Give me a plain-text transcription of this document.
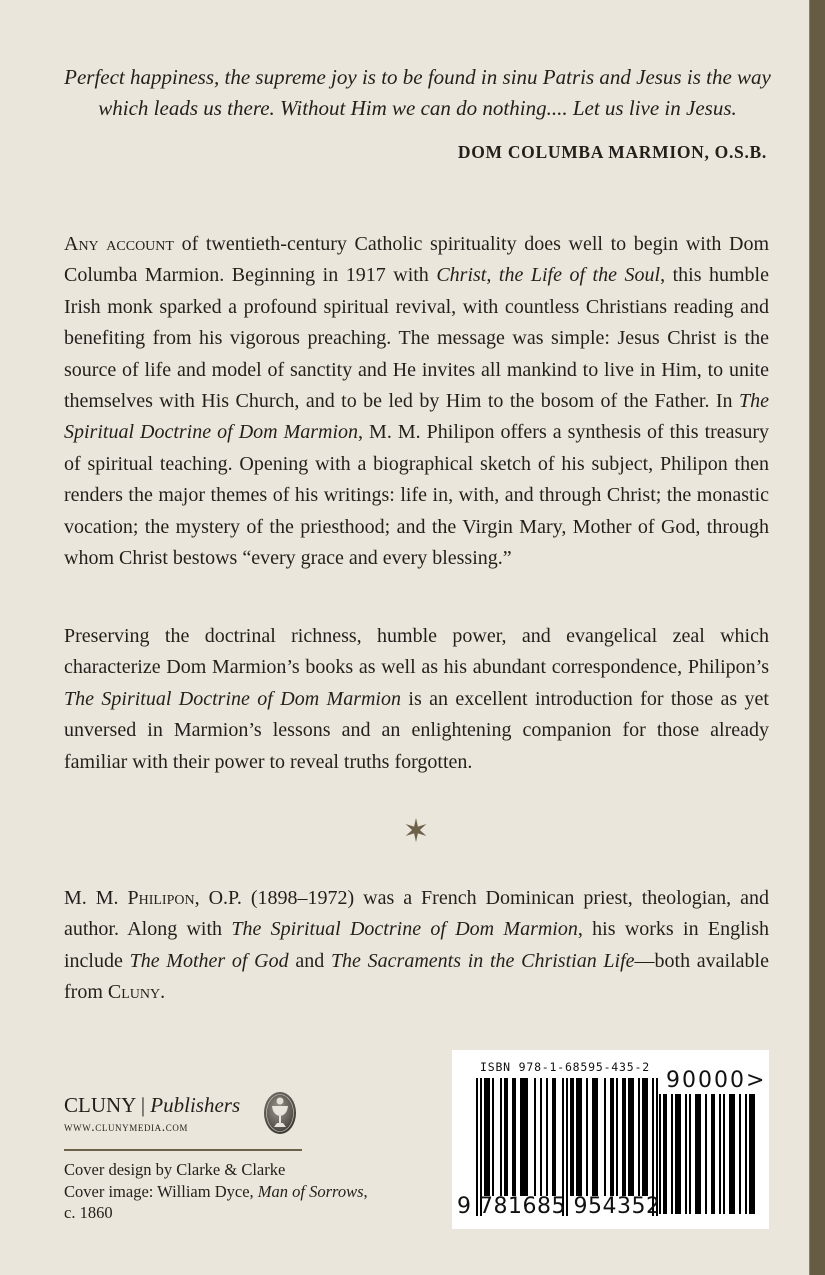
Perfect happiness, the supreme joy is to be found in sinu Patris and Jesus is the way
which leads us there. Without Him we can do nothing.... Let us live in Jesus.
DOM COLUMBA MARMION, O.S.B.
Any account of twentieth-century Catholic spirituality does well to begin with Dom Columba Marmion. Beginning in 1917 with Christ, the Life of the Soul, this humble Irish monk sparked a profound spiritual revival, with countless Christians reading and benefiting from his vigorous preaching. The message was simple: Jesus Christ is the source of life and model of sanctity and He invites all mankind to live in Him, to unite themselves with His Church, and to be led by Him to the bosom of the Father. In The Spiritual Doctrine of Dom Marmion, M. M. Philipon offers a synthesis of this treasury of spiritual teaching. Opening with a biographical sketch of his subject, Philipon then renders the major themes of his writings: life in, with, and through Christ; the monastic vocation; the mystery of the priesthood; and the Virgin Mary, Mother of God, through whom Christ bestows “every grace and every blessing.”
Preserving the doctrinal richness, humble power, and evangelical zeal which characterize Dom Marmion’s books as well as his abundant correspondence, Philipon’s The Spiritual Doctrine of Dom Marmion is an excellent introduction for those as yet unversed in Marmion’s lessons and an enlightening companion for those already familiar with their power to reveal truths forgotten.
M. M. Philipon, O.P. (1898–1972) was a French Dominican priest, theologian, and author. Along with The Spiritual Doctrine of Dom Marmion, his works in English include The Mother of God and The Sacraments in the Christian Life—both available from Cluny.
CLUNY | Publishers
www.clunymedia.com
Cover design by Clarke & Clarke
Cover image: William Dyce, Man of Sorrows,
c. 1860
ISBN 978-1-68595-435-2
90000>
9 781685 954352
